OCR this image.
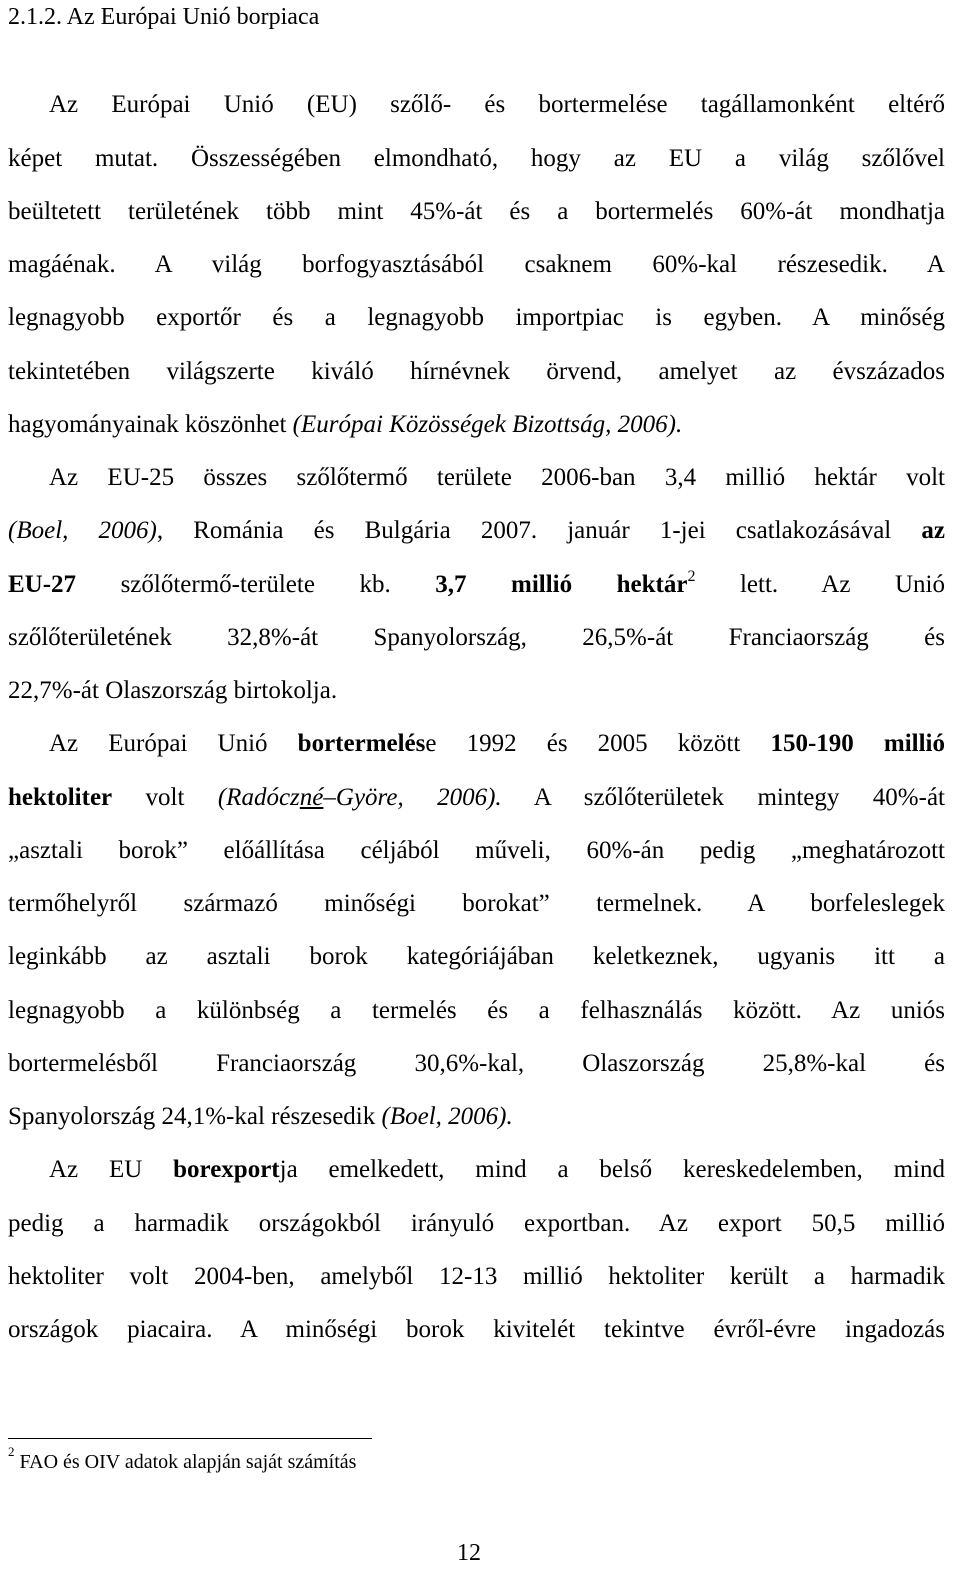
2.1.2. Az Európai Unió borpiaca
Az Európai Unió (EU) szőlő- és bortermelése tagállamonként eltérő
képet mutat. Összességében elmondható, hogy az EU a világ szőlővel
beültetett területének több mint 45%-át és a bortermelés 60%-át mondhatja
magáénak. A világ borfogyasztásából csaknem 60%-kal részesedik. A
legnagyobb exportőr és a legnagyobb importpiac is egyben. A minőség
tekintetében világszerte kiváló hírnévnek örvend, amelyet az évszázados
hagyományainak köszönhet (Európai Közösségek Bizottság, 2006).
Az EU-25 összes szőlőtermő területe 2006-ban 3,4 millió hektár volt
(Boel, 2006), Románia és Bulgária 2007. január 1-jei csatlakozásával az
EU-27 szőlőtermő-területe kb. 3,7 millió hektár$^2$ lett. Az Unió
szőlőterületének 32,8%-át Spanyolország, 26,5%-át Franciaország és
22,7%-át Olaszország birtokolja.
Az Európai Unió bortermelése 1992 és 2005 között 150-190 millió
hektoliter volt (Radóczné–Györe, 2006). A szőlőterületek mintegy 40%-át
„asztali borok” előállítása céljából műveli, 60%-án pedig „meghatározott
termőhelyről származó minőségi borokat” termelnek. A borfeleslegek
leginkább az asztali borok kategóriájában keletkeznek, ugyanis itt a
legnagyobb a különbség a termelés és a felhasználás között. Az uniós
bortermelésből Franciaország 30,6%-kal, Olaszország 25,8%-kal és
Spanyolország 24,1%-kal részesedik (Boel, 2006).
Az EU borexportja emelkedett, mind a belső kereskedelemben, mind
pedig a harmadik országokból irányuló exportban. Az export 50,5 millió
hektoliter volt 2004-ben, amelyből 12-13 millió hektoliter került a harmadik
országok piacaira. A minőségi borok kivitelét tekintve évről-évre ingadozás
$^2$ FAO és OIV adatok alapján saját számítás
12
